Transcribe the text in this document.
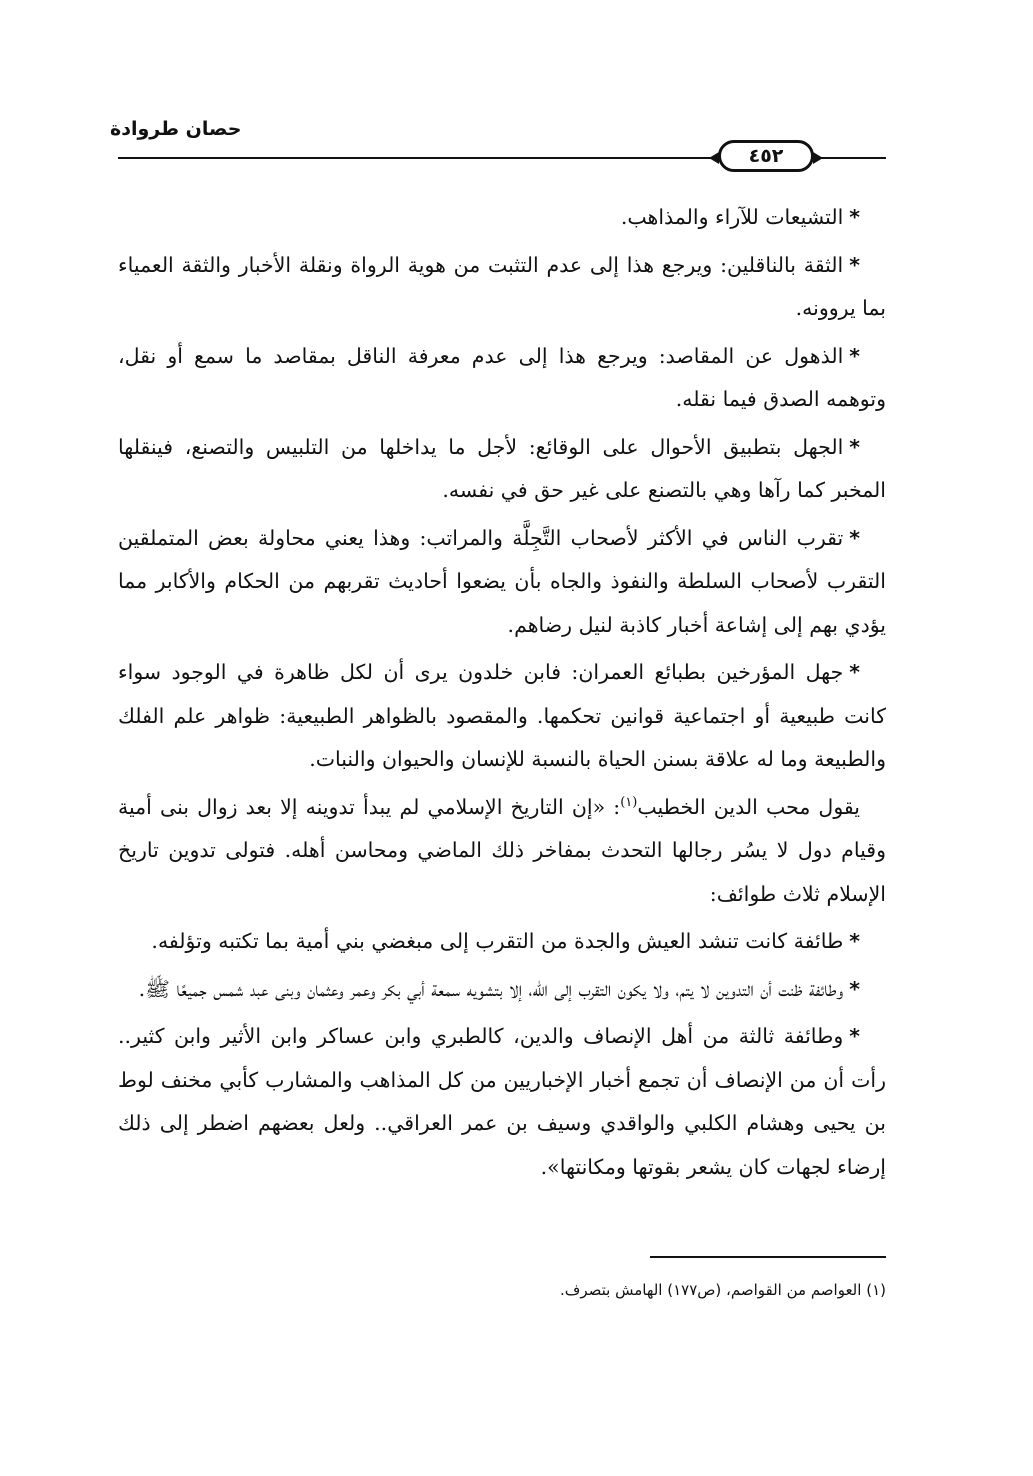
حصان طروادة
٤٥٢

*التشيعات للآراء والمذاهب.

*الثقة بالناقلين: ويرجع هذا إلى عدم التثبت من هوية الرواة ونقلة الأخبار والثقة العمياء بما يروونه.

*الذهول عن المقاصد: ويرجع هذا إلى عدم معرفة الناقل بمقاصد ما سمع أو نقل، وتوهمه الصدق فيما نقله.

*الجهل بتطبيق الأحوال على الوقائع: لأجل ما يداخلها من التلبيس والتصنع، فينقلها المخبر كما رآها وهي بالتصنع على غير حق في نفسه.

*تقرب الناس في الأكثر لأصحاب التَّجِلَّة والمراتب: وهذا يعني محاولة بعض المتملقين التقرب لأصحاب السلطة والنفوذ والجاه بأن يضعوا أحاديث تقربهم من الحكام والأكابر مما يؤدي بهم إلى إشاعة أخبار كاذبة لنيل رضاهم.

*جهل المؤرخين بطبائع العمران: فابن خلدون يرى أن لكل ظاهرة في الوجود سواء كانت طبيعية أو اجتماعية قوانين تحكمها. والمقصود بالظواهر الطبيعية: ظواهر علم الفلك والطبيعة وما له علاقة بسنن الحياة بالنسبة للإنسان والحيوان والنبات.

يقول محب الدين الخطيب$^{(١)}$: «إن التاريخ الإسلامي لم يبدأ تدوينه إلا بعد زوال بنى أمية وقيام دول لا يسُر رجالها التحدث بمفاخر ذلك الماضي ومحاسن أهله. فتولى تدوين تاريخ الإسلام ثلاث طوائف:

*طائفة كانت تنشد العيش والجدة من التقرب إلى مبغضي بني أمية بما تكتبه وتؤلفه.

*وطائفة ظنت أن التدوين لا يتم، ولا يكون التقرب إلى الله، إلا بتشويه سمعة أبي بكر وعمر وعثمان وبنى عبد شمس جميعًا ﷺ.

*وطائفة ثالثة من أهل الإنصاف والدين، كالطبري وابن عساكر وابن الأثير وابن كثير.. رأت أن من الإنصاف أن تجمع أخبار الإخباريين من كل المذاهب والمشارب كأبي مخنف لوط بن يحيى وهشام الكلبي والواقدي وسيف بن عمر العراقي.. ولعل بعضهم اضطر إلى ذلك إرضاء لجهات كان يشعر بقوتها ومكانتها».

(١) العواصم من القواصم، (ص١٧٧) الهامش بتصرف.
